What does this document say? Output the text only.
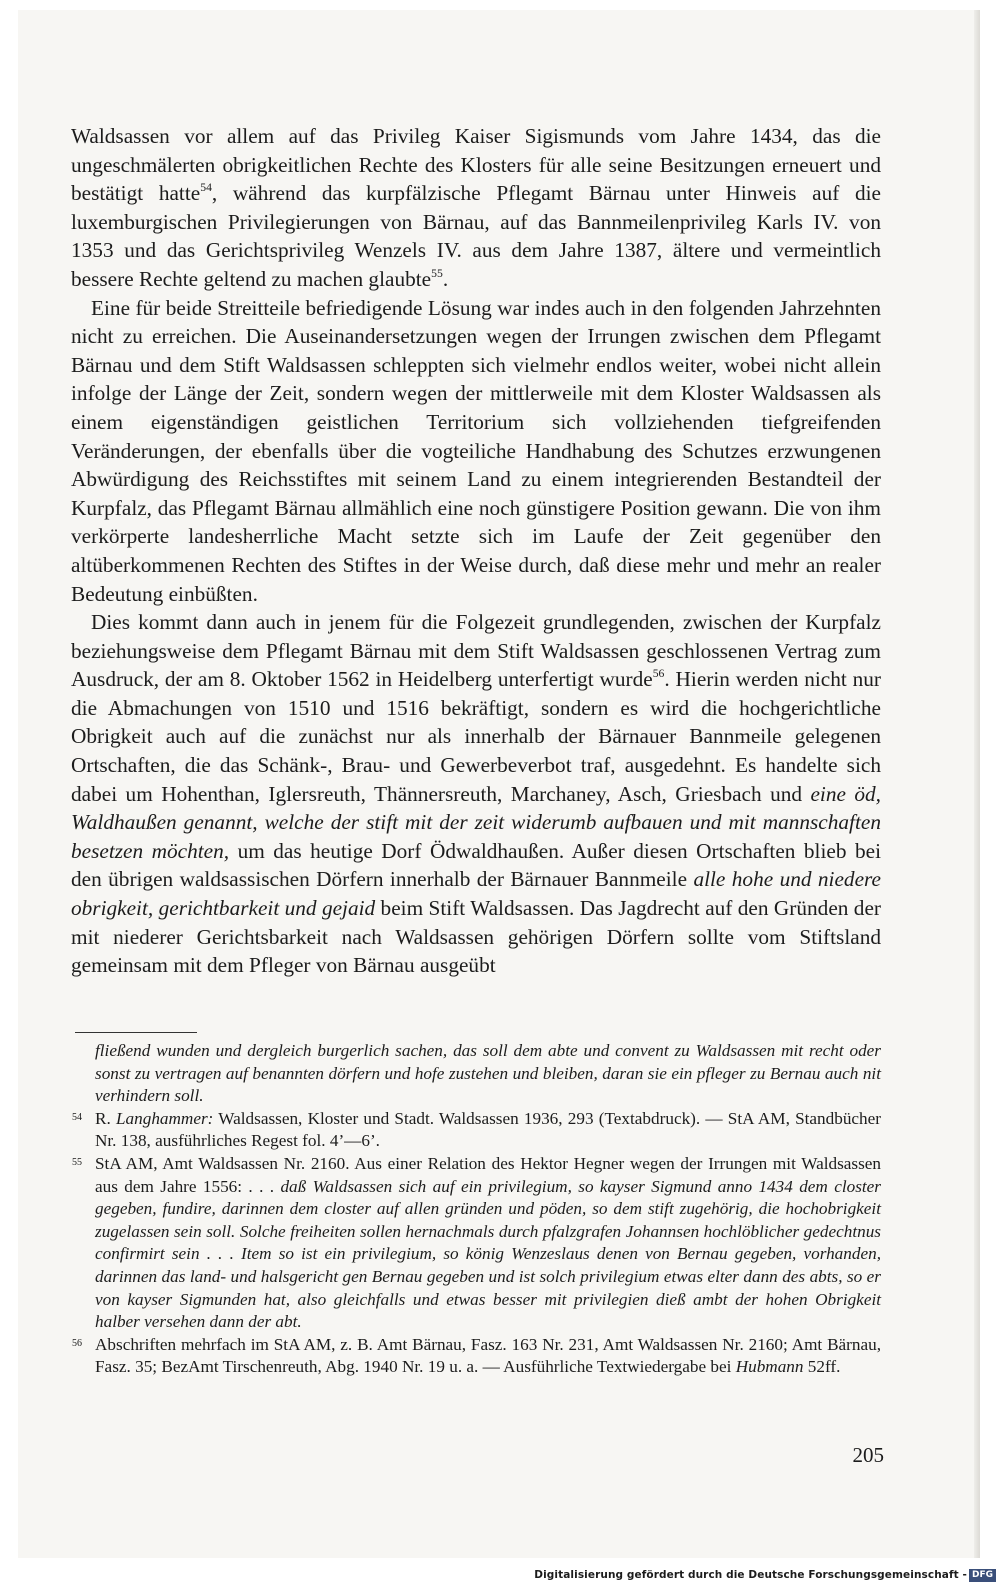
Waldsassen vor allem auf das Privileg Kaiser Sigismunds vom Jahre 1434, das die ungeschmälerten obrigkeitlichen Rechte des Klosters für alle seine Besitzungen erneuert und bestätigt hatte$^{54}$, während das kurpfälzische Pflegamt Bärnau unter Hinweis auf die luxemburgischen Privilegierungen von Bärnau, auf das Bannmeilenprivileg Karls IV. von 1353 und das Gerichtsprivileg Wenzels IV. aus dem Jahre 1387, ältere und vermeintlich bessere Rechte geltend zu machen glaubte$^{55}$.

Eine für beide Streitteile befriedigende Lösung war indes auch in den folgenden Jahrzehnten nicht zu erreichen. Die Auseinandersetzungen wegen der Irrungen zwischen dem Pflegamt Bärnau und dem Stift Waldsassen schleppten sich vielmehr endlos weiter, wobei nicht allein infolge der Länge der Zeit, sondern wegen der mittlerweile mit dem Kloster Waldsassen als einem eigenständigen geistlichen Territorium sich vollziehenden tiefgreifenden Veränderungen, der ebenfalls über die vogteiliche Handhabung des Schutzes erzwungenen Abwürdigung des Reichsstiftes mit seinem Land zu einem integrierenden Bestandteil der Kurpfalz, das Pflegamt Bärnau allmählich eine noch günstigere Position gewann. Die von ihm verkörperte landesherrliche Macht setzte sich im Laufe der Zeit gegenüber den altüberkommenen Rechten des Stiftes in der Weise durch, daß diese mehr und mehr an realer Bedeutung einbüßten.

Dies kommt dann auch in jenem für die Folgezeit grundlegenden, zwischen der Kurpfalz beziehungsweise dem Pflegamt Bärnau mit dem Stift Waldsassen geschlossenen Vertrag zum Ausdruck, der am 8. Oktober 1562 in Heidelberg unterfertigt wurde$^{56}$. Hierin werden nicht nur die Abmachungen von 1510 und 1516 bekräftigt, sondern es wird die hochgerichtliche Obrigkeit auch auf die zunächst nur als innerhalb der Bärnauer Bannmeile gelegenen Ortschaften, die das Schänk-, Brau- und Gewerbeverbot traf, ausgedehnt. Es handelte sich dabei um Hohenthan, Iglersreuth, Thännersreuth, Marchaney, Asch, Griesbach und eine öd, Waldhaußen genannt, welche der stift mit der zeit widerumb aufbauen und mit mannschaften besetzen möchten, um das heutige Dorf Ödwaldhaußen. Außer diesen Ortschaften blieb bei den übrigen waldsassischen Dörfern innerhalb der Bärnauer Bannmeile alle hohe und niedere obrigkeit, gerichtbarkeit und gejaid beim Stift Waldsassen. Das Jagdrecht auf den Gründen der mit niederer Gerichtsbarkeit nach Waldsassen gehörigen Dörfern sollte vom Stiftsland gemeinsam mit dem Pfleger von Bärnau ausgeübt

fließend wunden und dergleich burgerlich sachen, das soll dem abte und convent zu Waldsassen mit recht oder sonst zu vertragen auf benannten dörfern und hofe zustehen und bleiben, daran sie ein pfleger zu Bernau auch nit verhindern soll.

54 R. Langhammer: Waldsassen, Kloster und Stadt. Waldsassen 1936, 293 (Textabdruck). — StA AM, Standbücher Nr. 138, ausführliches Regest fol. 4’—6’.

55 StA AM, Amt Waldsassen Nr. 2160. Aus einer Relation des Hektor Hegner wegen der Irrungen mit Waldsassen aus dem Jahre 1556: . . . daß Waldsassen sich auf ein privilegium, so kayser Sigmund anno 1434 dem closter gegeben, fundire, darinnen dem closter auf allen gründen und pöden, so dem stift zugehörig, die hochobrigkeit zugelassen sein soll. Solche freiheiten sollen hernachmals durch pfalzgrafen Johannsen hochlöblicher gedechtnus confirmirt sein . . . Item so ist ein privilegium, so könig Wenzeslaus denen von Bernau gegeben, vorhanden, darinnen das land- und halsgericht gen Bernau gegeben und ist solch privilegium etwas elter dann des abts, so er von kayser Sigmunden hat, also gleichfalls und etwas besser mit privilegien dieß ambt der hohen Obrigkeit halber versehen dann der abt.

56 Abschriften mehrfach im StA AM, z. B. Amt Bärnau, Fasz. 163 Nr. 231, Amt Waldsassen Nr. 2160; Amt Bärnau, Fasz. 35; BezAmt Tirschenreuth, Abg. 1940 Nr. 19 u. a. — Ausführliche Textwiedergabe bei Hubmann 52ff.

205
Digitalisierung gefördert durch die Deutsche Forschungsgemeinschaft - DFG
